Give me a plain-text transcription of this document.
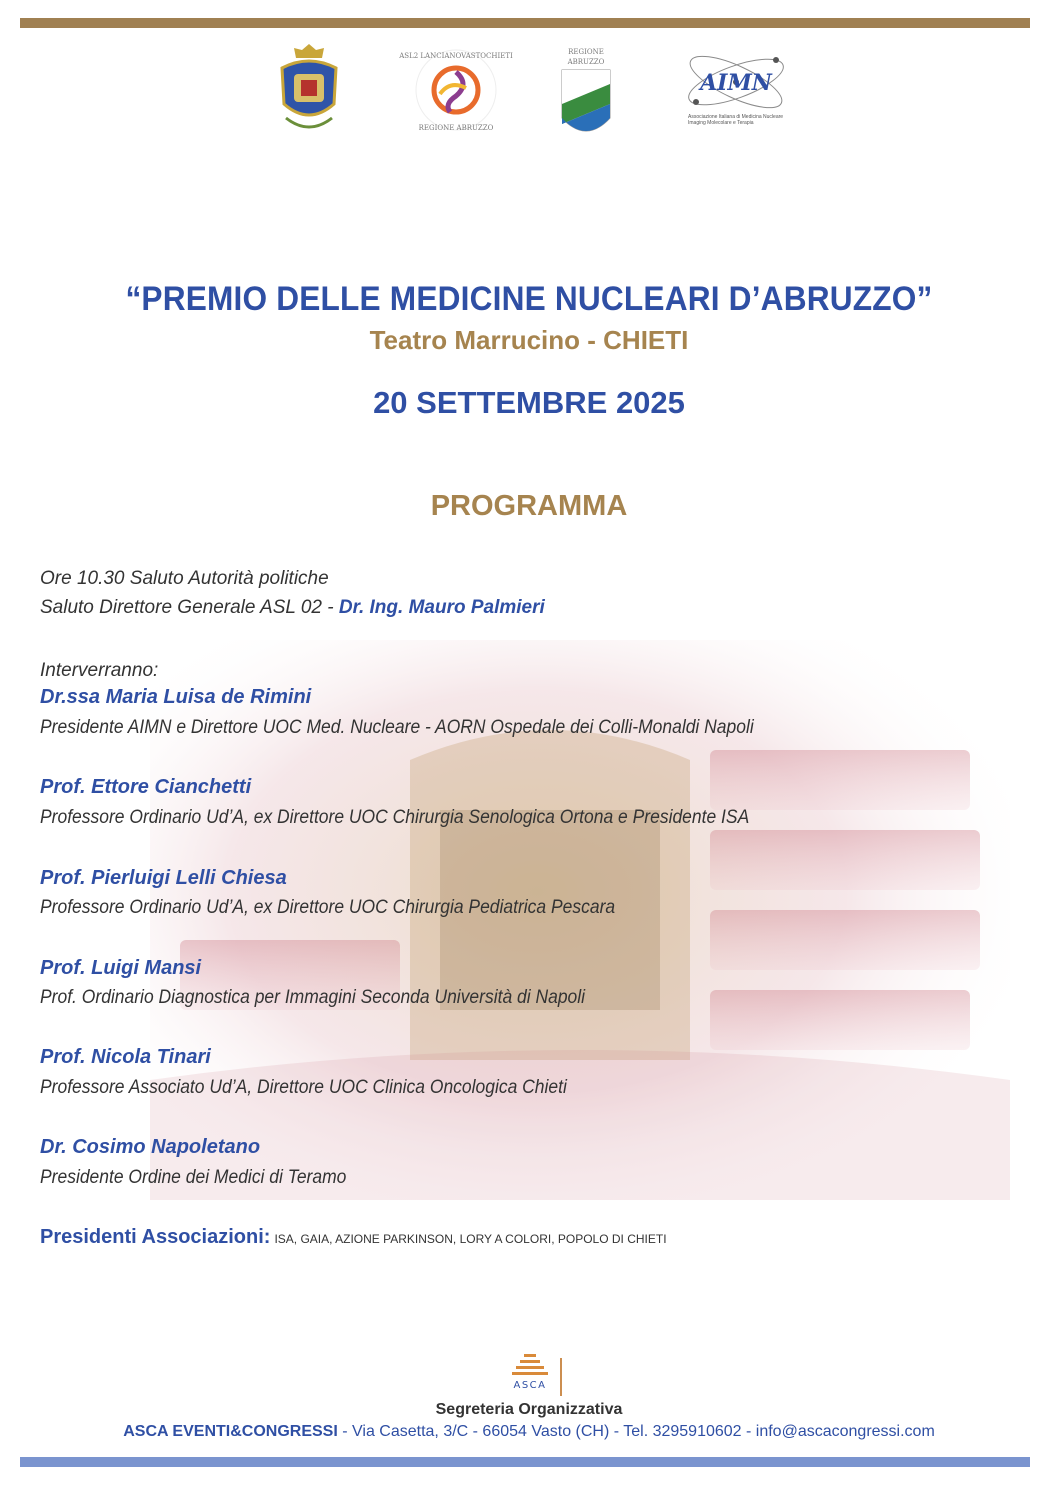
ASL2 LANCIANOVASTOCHIETI
REGIONE ABRUZZO
REGIONE
ABRUZZO
AIMN
Associazione Italiana di Medicina Nucleare Imaging Molecolare e Terapia
“PREMIO DELLE MEDICINE NUCLEARI D’ABRUZZO”
Teatro Marrucino - CHIETI
20 SETTEMBRE 2025
PROGRAMMA
Ore 10.30 Saluto Autorità politiche
Saluto Direttore Generale ASL 02 - Dr. Ing. Mauro Palmieri
Interverranno:
Dr.ssa Maria Luisa de Rimini
Presidente AIMN e Direttore UOC Med. Nucleare - AORN Ospedale dei Colli-Monaldi Napoli
Prof. Ettore Cianchetti
Professore Ordinario Ud’A, ex Direttore UOC Chirurgia Senologica Ortona e Presidente ISA
Prof. Pierluigi Lelli Chiesa
Professore Ordinario Ud’A, ex Direttore UOC Chirurgia Pediatrica Pescara
Prof. Luigi Mansi
Prof. Ordinario Diagnostica per Immagini Seconda Università di Napoli
Prof. Nicola Tinari
Professore Associato Ud’A, Direttore UOC Clinica Oncologica Chieti
Dr. Cosimo Napoletano
Presidente Ordine dei Medici di Teramo
Presidenti Associazioni: ISA, GAIA, AZIONE PARKINSON, LORY A COLORI, POPOLO DI CHIETI
ASCA
Segreteria Organizzativa
ASCA EVENTI&CONGRESSI - Via Casetta, 3/C - 66054 Vasto (CH) - Tel. 3295910602 - info@ascacongressi.com
